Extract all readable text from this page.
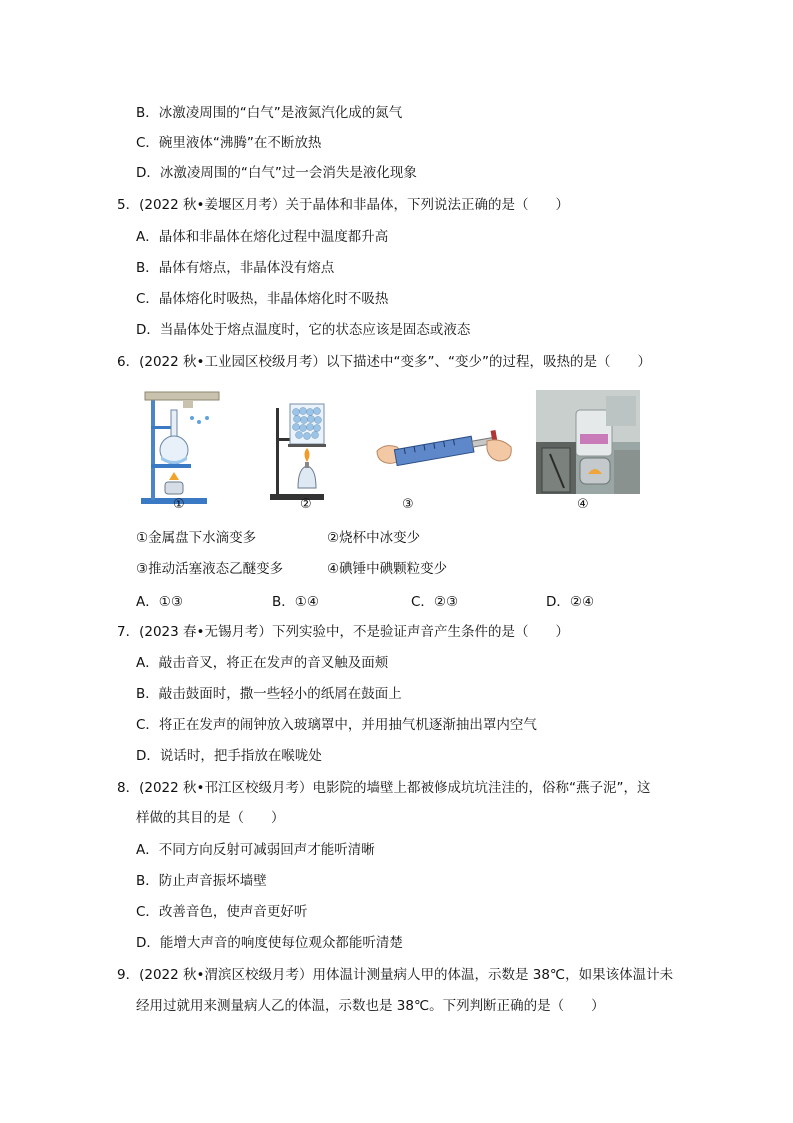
B．冰激凌周围的“白气”是液氮汽化成的氮气
C．碗里液体“沸腾”在不断放热
D．冰激凌周围的“白气”过一会消失是液化现象
5．(2022 秋•姜堰区月考）关于晶体和非晶体，下列说法正确的是（　　）
A．晶体和非晶体在熔化过程中温度都升高
B．晶体有熔点，非晶体没有熔点
C．晶体熔化时吸热，非晶体熔化时不吸热
D．当晶体处于熔点温度时，它的状态应该是固态或液态
6．(2022 秋•工业园区校级月考）以下描述中“变多”、“变少”的过程，吸热的是（　　）
①	②	③	④
①金属盘下水滴变多	②烧杯中冰变少
③推动活塞液态乙醚变多	④碘锤中碘颗粒变少
A．①③	B．①④	C．②③	D．②④
7．(2023 春•无锡月考）下列实验中，不是验证声音产生条件的是（　　）
A．敲击音叉，将正在发声的音叉触及面颊
B．敲击鼓面时，撒一些轻小的纸屑在鼓面上
C．将正在发声的闹钟放入玻璃罩中，并用抽气机逐渐抽出罩内空气
D．说话时，把手指放在喉咙处
8．(2022 秋•邗江区校级月考）电影院的墙壁上都被修成坑坑洼洼的，俗称“燕子泥”，这
样做的其目的是（　　）
A．不同方向反射可减弱回声才能听清晰
B．防止声音振坏墙壁
C．改善音色，使声音更好听
D．能增大声音的响度使每位观众都能听清楚
9．(2022 秋•渭滨区校级月考）用体温计测量病人甲的体温，示数是 38℃，如果该体温计未
经用过就用来测量病人乙的体温，示数也是 38℃。下列判断正确的是（　　）
